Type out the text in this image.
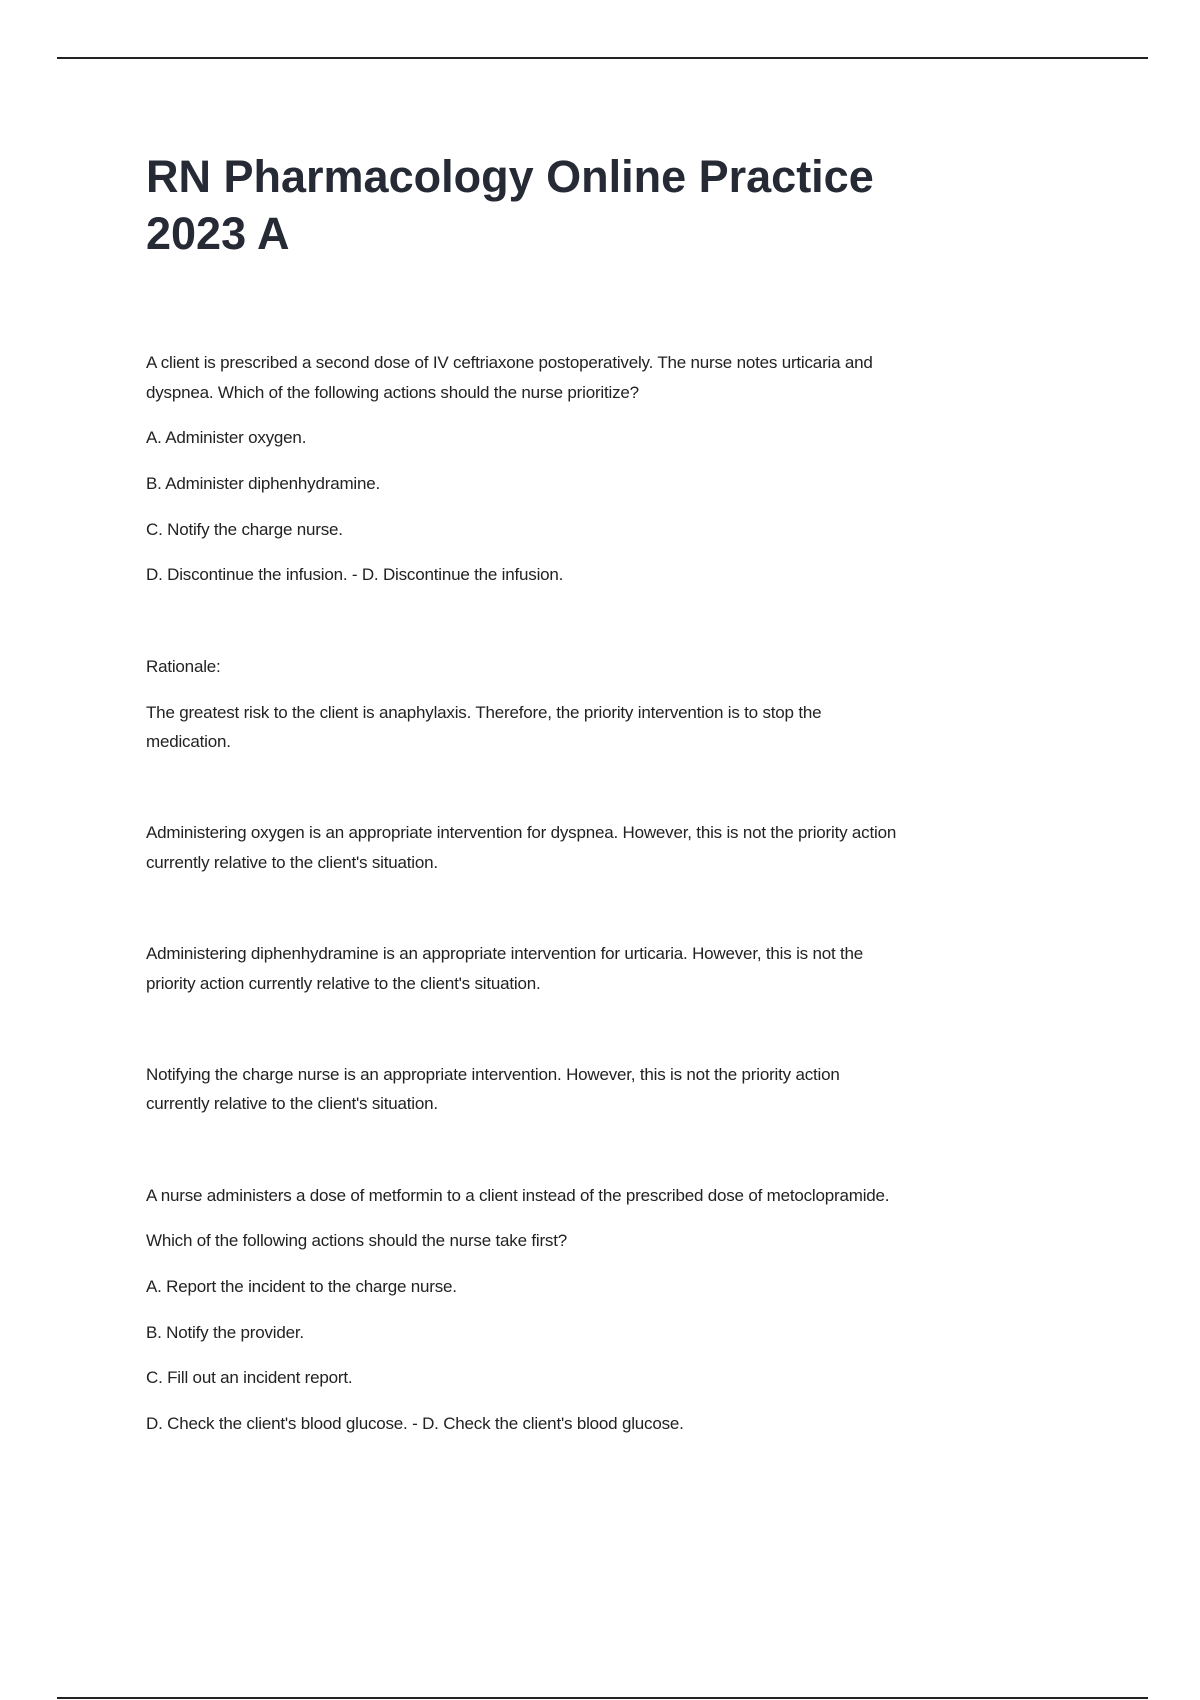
RN Pharmacology Online Practice
2023 A
A client is prescribed a second dose of IV ceftriaxone postoperatively. The nurse notes urticaria and
dyspnea. Which of the following actions should the nurse prioritize?
A. Administer oxygen.
B. Administer diphenhydramine.
C. Notify the charge nurse.
D. Discontinue the infusion. - D. Discontinue the infusion.
Rationale:
The greatest risk to the client is anaphylaxis. Therefore, the priority intervention is to stop the
medication.
Administering oxygen is an appropriate intervention for dyspnea. However, this is not the priority action
currently relative to the client's situation.
Administering diphenhydramine is an appropriate intervention for urticaria. However, this is not the
priority action currently relative to the client's situation.
Notifying the charge nurse is an appropriate intervention. However, this is not the priority action
currently relative to the client's situation.
A nurse administers a dose of metformin to a client instead of the prescribed dose of metoclopramide.
Which of the following actions should the nurse take first?
A. Report the incident to the charge nurse.
B. Notify the provider.
C. Fill out an incident report.
D. Check the client's blood glucose. - D. Check the client's blood glucose.
